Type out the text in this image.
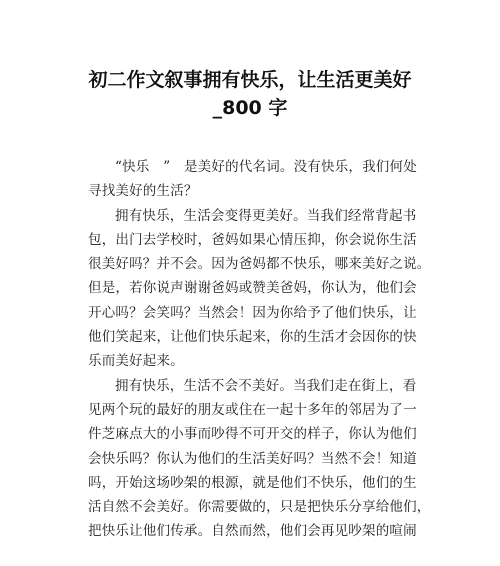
初二作文叙事拥有快乐，让生活更美好
_800 字
“快乐　”　是美好的代名词。没有快乐，我们何处
寻找美好的生活？
拥有快乐，生活会变得更美好。当我们经常背起书
包，出门去学校时，爸妈如果心情压抑，你会说你生活
很美好吗？并不会。因为爸妈都不快乐，哪来美好之说。
但是，若你说声谢谢爸妈或赞美爸妈，你认为，他们会
开心吗？会笑吗？当然会！因为你给予了他们快乐，让
他们笑起来，让他们快乐起来，你的生活才会因你的快
乐而美好起来。
拥有快乐，生活不会不美好。当我们走在街上，看
见两个玩的最好的朋友或住在一起十多年的邻居为了一
件芝麻点大的小事而吵得不可开交的样子，你认为他们
会快乐吗？你认为他们的生活美好吗？当然不会！知道
吗，开始这场吵架的根源，就是他们不快乐，他们的生
活自然不会美好。你需要做的，只是把快乐分享给他们，
把快乐让他们传承。自然而然，他们会再见吵架的喧闹
